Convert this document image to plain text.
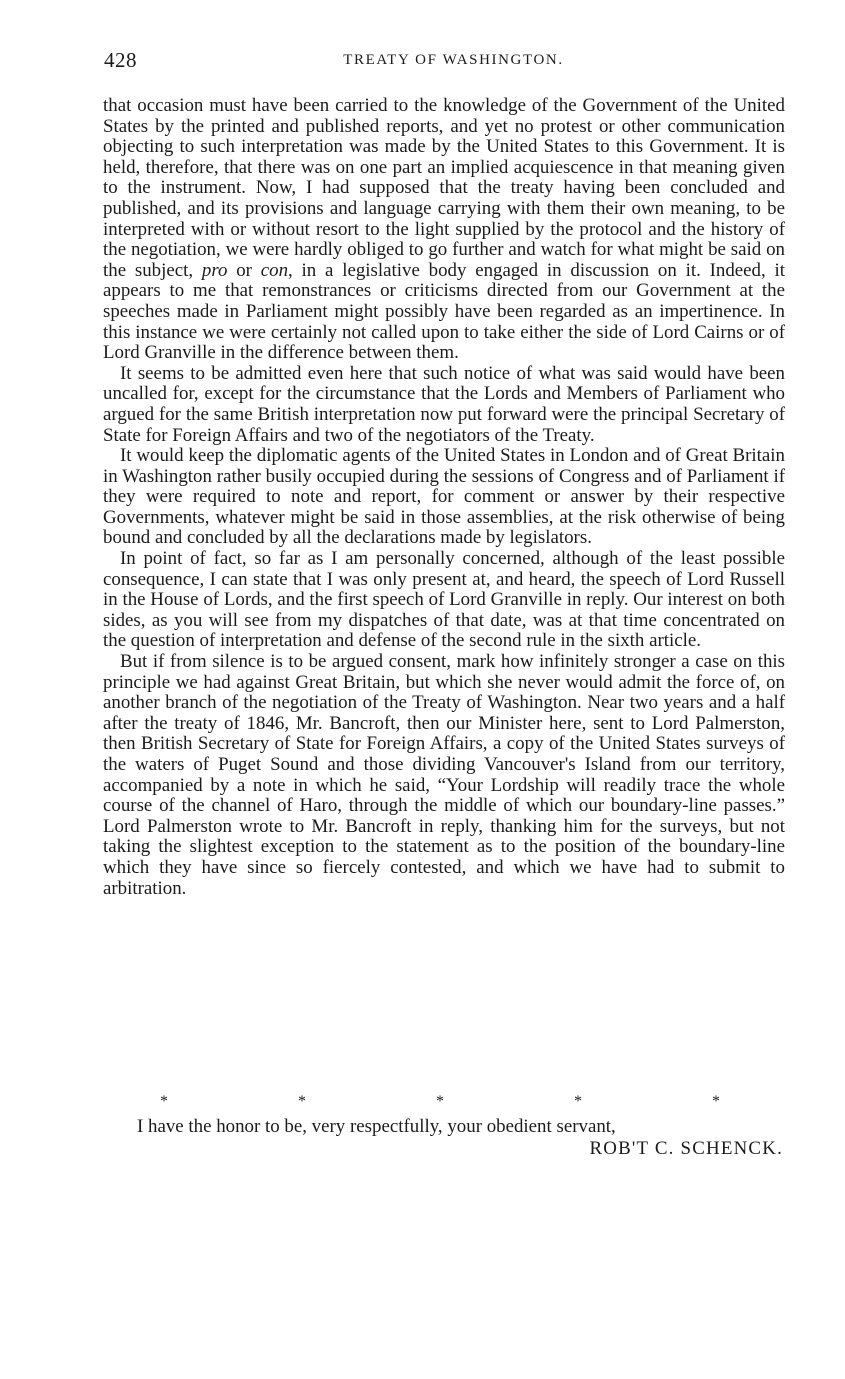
428	TREATY OF WASHINGTON.

that occasion must have been carried to the knowledge of the Government of the United States by the printed and published reports, and yet no protest or other communication objecting to such interpretation was made by the United States to this Government. It is held, therefore, that there was on one part an implied acquiescence in that meaning given to the instrument. Now, I had supposed that the treaty having been concluded and published, and its provisions and language carrying with them their own meaning, to be interpreted with or without resort to the light supplied by the protocol and the history of the negotiation, we were hardly obliged to go further and watch for what might be said on the subject, pro or con, in a legislative body engaged in discussion on it. Indeed, it appears to me that remonstrances or criticisms directed from our Government at the speeches made in Parliament might possibly have been regarded as an impertinence. In this instance we were certainly not called upon to take either the side of Lord Cairns or of Lord Granville in the difference between them.

It seems to be admitted even here that such notice of what was said would have been uncalled for, except for the circumstance that the Lords and Members of Parliament who argued for the same British interpretation now put forward were the principal Secretary of State for Foreign Affairs and two of the negotiators of the Treaty.

It would keep the diplomatic agents of the United States in London and of Great Britain in Washington rather busily occupied during the sessions of Congress and of Parliament if they were required to note and report, for comment or answer by their respective Governments, whatever might be said in those assemblies, at the risk otherwise of being bound and concluded by all the declarations made by legislators.

In point of fact, so far as I am personally concerned, although of the least possible consequence, I can state that I was only present at, and heard, the speech of Lord Russell in the House of Lords, and the first speech of Lord Granville in reply. Our interest on both sides, as you will see from my dispatches of that date, was at that time concentrated on the question of interpretation and defense of the second rule in the sixth article.

But if from silence is to be argued consent, mark how infinitely stronger a case on this principle we had against Great Britain, but which she never would admit the force of, on another branch of the negotiation of the Treaty of Washington. Near two years and a half after the treaty of 1846, Mr. Bancroft, then our Minister here, sent to Lord Palmerston, then British Secretary of State for Foreign Affairs, a copy of the United States surveys of the waters of Puget Sound and those dividing Vancouver's Island from our territory, accompanied by a note in which he said, “Your Lordship will readily trace the whole course of the channel of Haro, through the middle of which our boundary-line passes.” Lord Palmerston wrote to Mr. Bancroft in reply, thanking him for the surveys, but not taking the slightest exception to the statement as to the position of the boundary-line which they have since so fiercely contested, and which we have had to submit to arbitration.

*	*	*	*	*
I have the honor to be, very respectfully, your obedient servant,
ROB'T C. SCHENCK.
